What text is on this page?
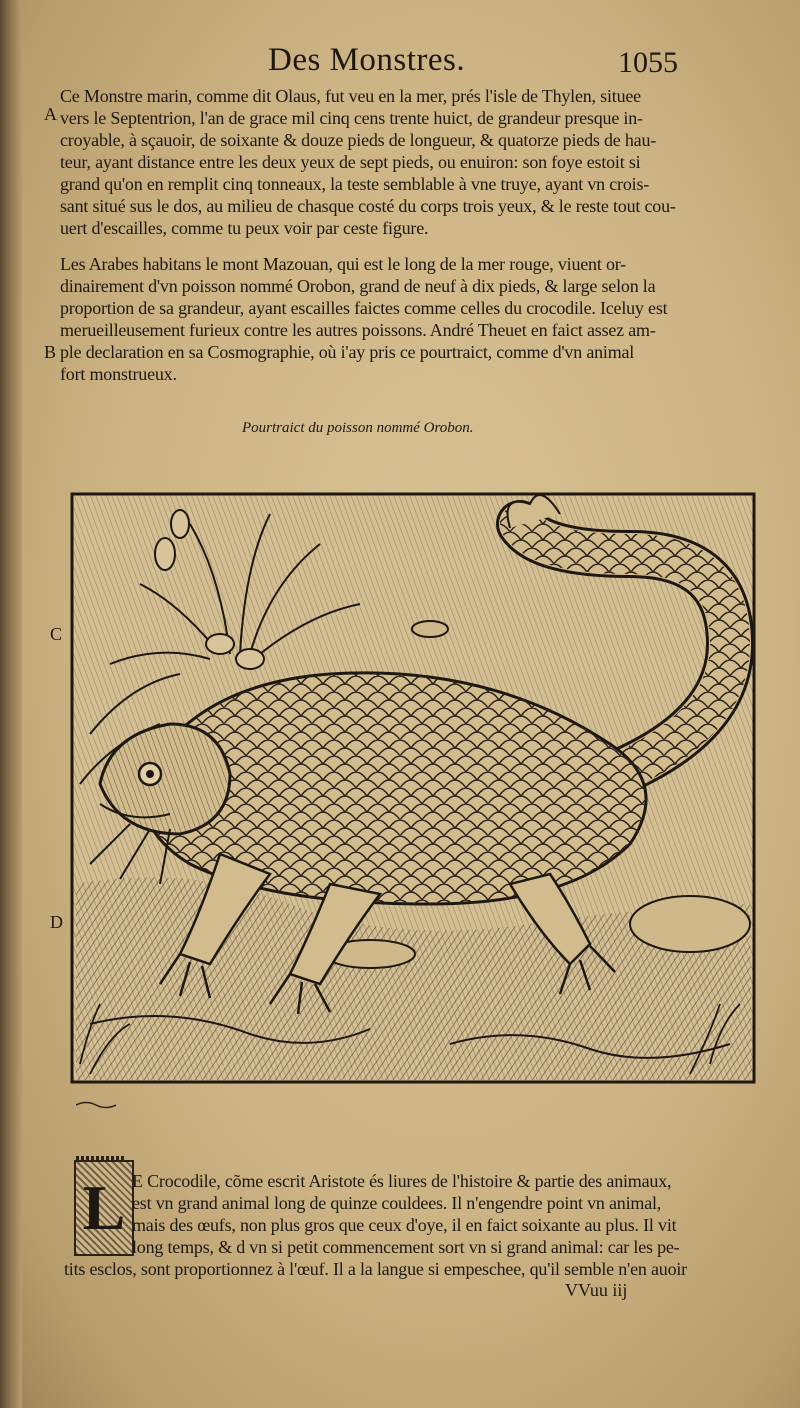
Des Monstres.	1055
A
B
C
D
Ce Monstre marin, comme dit Olaus, fut veu en la mer, prés l'isle de Thylen, situee
vers le Septentrion, l'an de grace mil cinq cens trente huict, de grandeur presque in-
croyable, à sçauoir, de soixante & douze pieds de longueur, & quatorze pieds de hau-
teur, ayant distance entre les deux yeux de sept pieds, ou enuiron: son foye estoit si
grand qu'on en remplit cinq tonneaux, la teste semblable à vne truye, ayant vn crois-
sant situé sus le dos, au milieu de chasque costé du corps trois yeux, & le reste tout cou-
uert d'escailles, comme tu peux voir par ceste figure.
Les Arabes habitans le mont Mazouan, qui est le long de la mer rouge, viuent or-
dinairement d'vn poisson nommé Orobon, grand de neuf à dix pieds, & large selon la
proportion de sa grandeur, ayant escailles faictes comme celles du crocodile. Iceluy est
merueilleusement furieux contre les autres poissons. André Theuet en faict assez am-
ple declaration en sa Cosmographie, où i'ay pris ce pourtraict, comme d'vn animal
fort monstrueux.
Pourtraict du poisson nommé Orobon.
L E Crocodile, cõme escrit Aristote és liures de l'histoire & partie des animaux,
est vn grand animal long de quinze couldees. Il n'engendre point vn animal,
mais des œufs, non plus gros que ceux d'oye, il en faict soixante au plus. Il vit
long temps, & d vn si petit commencement sort vn si grand animal: car les pe-
tits esclos, sont proportionnez à l'œuf. Il a la langue si empeschee, qu'il semble n'en auoir
VVuu iij
